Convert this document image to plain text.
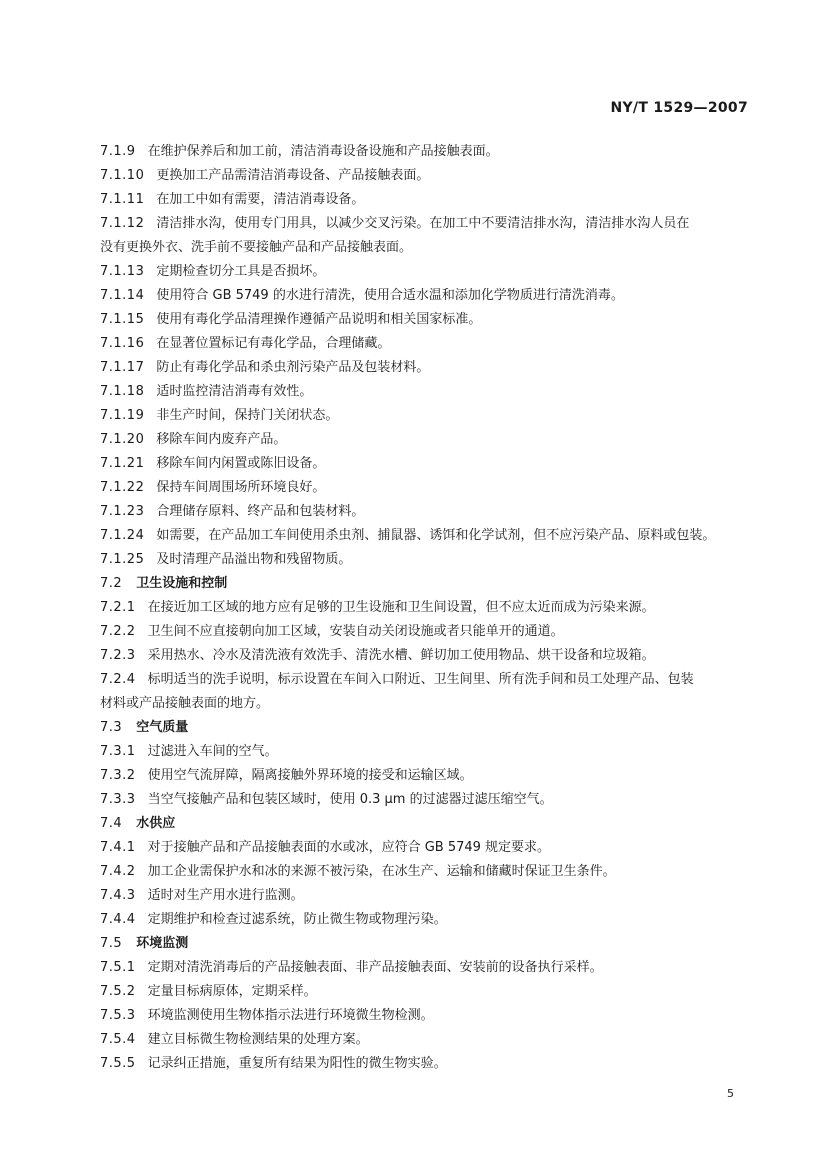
NY/T 1529—2007
7.1.9 在维护保养后和加工前，清洁消毒设备设施和产品接触表面。
7.1.10 更换加工产品需清洁消毒设备、产品接触表面。
7.1.11 在加工中如有需要，清洁消毒设备。
7.1.12 清洁排水沟，使用专门用具，以减少交叉污染。在加工中不要清洁排水沟，清洁排水沟人员在
没有更换外衣、洗手前不要接触产品和产品接触表面。
7.1.13 定期检查切分工具是否损坏。
7.1.14 使用符合 GB 5749 的水进行清洗，使用合适水温和添加化学物质进行清洗消毒。
7.1.15 使用有毒化学品清理操作遵循产品说明和相关国家标准。
7.1.16 在显著位置标记有毒化学品，合理储藏。
7.1.17 防止有毒化学品和杀虫剂污染产品及包装材料。
7.1.18 适时监控清洁消毒有效性。
7.1.19 非生产时间，保持门关闭状态。
7.1.20 移除车间内废弃产品。
7.1.21 移除车间内闲置或陈旧设备。
7.1.22 保持车间周围场所环境良好。
7.1.23 合理储存原料、终产品和包装材料。
7.1.24 如需要，在产品加工车间使用杀虫剂、捕鼠器、诱饵和化学试剂，但不应污染产品、原料或包装。
7.1.25 及时清理产品溢出物和残留物质。
7.2 卫生设施和控制
7.2.1 在接近加工区域的地方应有足够的卫生设施和卫生间设置，但不应太近而成为污染来源。
7.2.2 卫生间不应直接朝向加工区域，安装自动关闭设施或者只能单开的通道。
7.2.3 采用热水、冷水及清洗液有效洗手、清洗水槽、鲜切加工使用物品、烘干设备和垃圾箱。
7.2.4 标明适当的洗手说明，标示设置在车间入口附近、卫生间里、所有洗手间和员工处理产品、包装
材料或产品接触表面的地方。
7.3 空气质量
7.3.1 过滤进入车间的空气。
7.3.2 使用空气流屏障，隔离接触外界环境的接受和运输区域。
7.3.3 当空气接触产品和包装区域时，使用 0.3 μm 的过滤器过滤压缩空气。
7.4 水供应
7.4.1 对于接触产品和产品接触表面的水或冰，应符合 GB 5749 规定要求。
7.4.2 加工企业需保护水和冰的来源不被污染，在冰生产、运输和储藏时保证卫生条件。
7.4.3 适时对生产用水进行监测。
7.4.4 定期维护和检查过滤系统，防止微生物或物理污染。
7.5 环境监测
7.5.1 定期对清洗消毒后的产品接触表面、非产品接触表面、安装前的设备执行采样。
7.5.2 定量目标病原体，定期采样。
7.5.3 环境监测使用生物体指示法进行环境微生物检测。
7.5.4 建立目标微生物检测结果的处理方案。
7.5.5 记录纠正措施，重复所有结果为阳性的微生物实验。
5
